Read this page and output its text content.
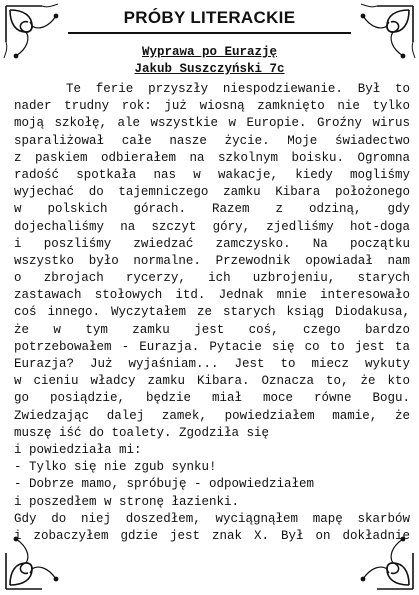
PRÓBY LITERACKIE
Wyprawa po Eurazję
Jakub Suszczyński 7c
Te ferie przyszły niespodziewanie. Był to
nader trudny rok: już wiosną zamknięto nie tylko
moją szkołę, ale wszystkie w Europie. Groźny wirus
sparaliżował całe nasze życie. Moje świadectwo
z paskiem odbierałem na szkolnym boisku. Ogromna
radość spotkała nas w wakacje, kiedy mogliśmy
wyjechać do tajemniczego zamku Kibara położonego
w polskich górach. Razem z odziną, gdy
dojechaliśmy na szczyt góry, zjedliśmy hot-doga
i poszliśmy zwiedzać zamczysko. Na początku
wszystko było normalne. Przewodnik opowiadał nam
o zbrojach rycerzy, ich uzbrojeniu, starych
zastawach stołowych itd. Jednak mnie interesowało
coś innego. Wyczytałem ze starych ksiąg Diodakusa,
że w tym zamku jest coś, czego bardzo
potrzebowałem - Eurazja. Pytacie się co to jest ta
Eurazja? Już wyjaśniam... Jest to miecz wykuty
w cieniu władcy zamku Kibara. Oznacza to, że kto
go posiądzie, będzie miał moce równe Bogu.
Zwiedzając dalej zamek, powiedziałem mamie, że
muszę iść do toalety. Zgodziła się
i powiedziała mi:
- Tylko się nie zgub synku!
- Dobrze mamo, spróbuję - odpowiedziałem
i poszedłem w stronę łazienki.
Gdy do niej doszedłem, wyciągnąłem mapę skarbów
i zobaczyłem gdzie jest znak X. Był on dokładnie
